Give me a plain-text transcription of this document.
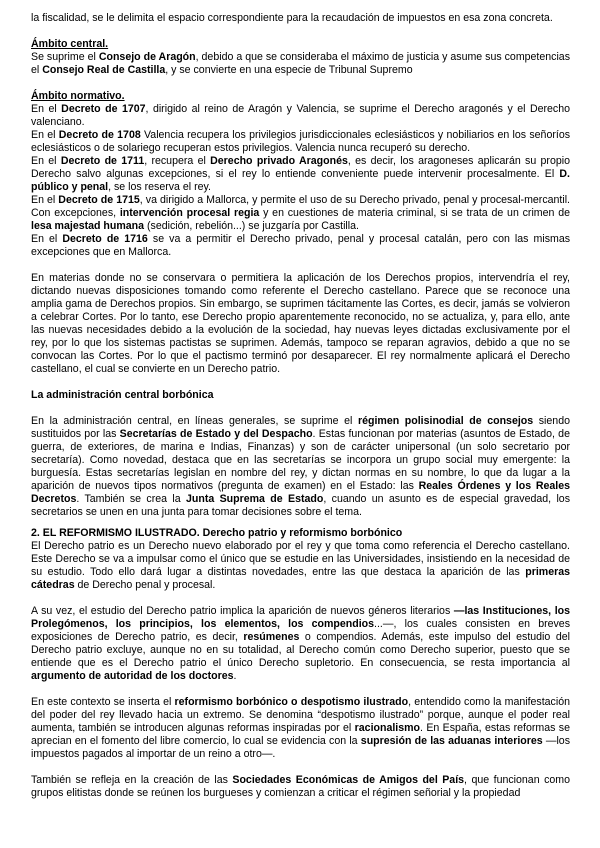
la fiscalidad, se le delimita el espacio correspondiente para la recaudación de impuestos en esa zona concreta.

Ámbito central.

Se suprime el Consejo de Aragón, debido a que se consideraba el máximo de justicia y asume sus competencias el Consejo Real de Castilla, y se convierte en una especie de Tribunal Supremo

Ámbito normativo.

En el Decreto de 1707, dirigido al reino de Aragón y Valencia, se suprime el Derecho aragonés y el Derecho valenciano.

En el Decreto de 1708 Valencia recupera los privilegios jurisdiccionales eclesiásticos y nobiliarios en los señoríos eclesiásticos o de solariego recuperan estos privilegios. Valencia nunca recuperó su derecho.

En el Decreto de 1711, recupera el Derecho privado Aragonés, es decir, los aragoneses aplicarán su propio Derecho salvo algunas excepciones, si el rey lo entiende conveniente puede intervenir procesalmente. El D. público y penal, se los reserva el rey.

En el Decreto de 1715, va dirigido a Mallorca, y permite el uso de su Derecho privado, penal y procesal-mercantil. Con excepciones, intervención procesal regia y en cuestiones de materia criminal, si se trata de un crimen de lesa majestad humana (sedición, rebelión...) se juzgaría por Castilla.

En el Decreto de 1716 se va a permitir el Derecho privado, penal y procesal catalán, pero con las mismas excepciones que en Mallorca.

En materias donde no se conservara o permitiera la aplicación de los Derechos propios, intervendría el rey, dictando nuevas disposiciones tomando como referente el Derecho castellano. Parece que se reconoce una amplia gama de Derechos propios. Sin embargo, se suprimen tácitamente las Cortes, es decir, jamás se volvieron a celebrar Cortes. Por lo tanto, ese Derecho propio aparentemente reconocido, no se actualiza, y, para ello, ante las nuevas necesidades debido a la evolución de la sociedad, hay nuevas leyes dictadas exclusivamente por el rey, por lo que los sistemas pactistas se suprimen. Además, tampoco se reparan agravios, debido a que no se convocan las Cortes. Por lo que el pactismo terminó por desaparecer. El rey normalmente aplicará el Derecho castellano, el cual se convierte en un Derecho patrio.

La administración central borbónica

En la administración central, en líneas generales, se suprime el régimen polisinodial de consejos siendo sustituidos por las Secretarías de Estado y del Despacho. Estas funcionan por materias (asuntos de Estado, de guerra, de exteriores, de marina e Indias, Finanzas) y son de carácter unipersonal (un solo secretario por secretaría). Como novedad, destaca que en las secretarías se incorpora un grupo social muy emergente: la burguesía. Estas secretarías legislan en nombre del rey, y dictan normas en su nombre, lo que da lugar a la aparición de nuevos tipos normativos (pregunta de examen) en el Estado: las Reales Órdenes y los Reales Decretos. También se crea la Junta Suprema de Estado, cuando un asunto es de especial gravedad, los secretarios se unen en una junta para tomar decisiones sobre el tema.

2. EL REFORMISMO ILUSTRADO. Derecho patrio y reformismo borbónico

El Derecho patrio es un Derecho nuevo elaborado por el rey y que toma como referencia el Derecho castellano. Este Derecho se va a impulsar como el único que se estudie en las Universidades, insistiendo en la necesidad de su estudio. Todo ello dará lugar a distintas novedades, entre las que destaca la aparición de las primeras cátedras de Derecho penal y procesal.

A su vez, el estudio del Derecho patrio implica la aparición de nuevos géneros literarios —las Instituciones, los Prolegómenos, los principios, los elementos, los compendios...—, los cuales consisten en breves exposiciones de Derecho patrio, es decir, resúmenes o compendios. Además, este impulso del estudio del Derecho patrio excluye, aunque no en su totalidad, al Derecho común como Derecho superior, puesto que se entiende que es el Derecho patrio el único Derecho supletorio. En consecuencia, se resta importancia al argumento de autoridad de los doctores.

En este contexto se inserta el reformismo borbónico o despotismo ilustrado, entendido como la manifestación del poder del rey llevado hacia un extremo. Se denomina “despotismo ilustrado” porque, aunque el poder real aumenta, también se introducen algunas reformas inspiradas por el racionalismo. En España, estas reformas se aprecian en el fomento del libre comercio, lo cual se evidencia con la supresión de las aduanas interiores —los impuestos pagados al importar de un reino a otro—.

También se refleja en la creación de las Sociedades Económicas de Amigos del País, que funcionan como grupos elitistas donde se reúnen los burgueses y comienzan a criticar el régimen señorial y la propiedad
